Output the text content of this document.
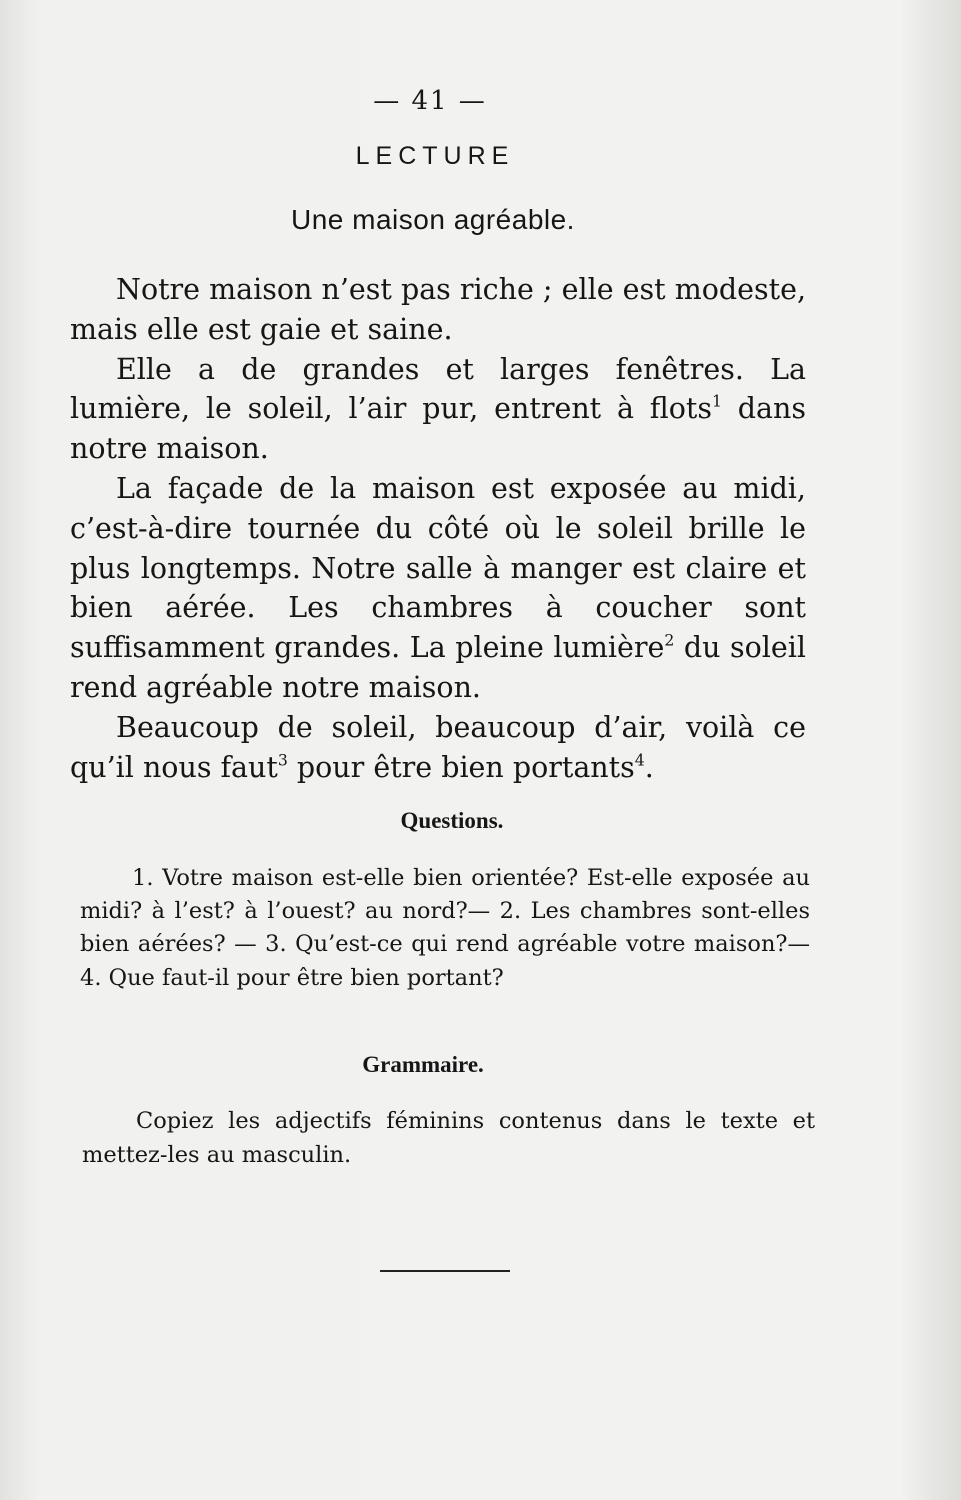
— 41 —
LECTURE
Une maison agréable.

Notre maison n’est pas riche ; elle est modeste, mais elle est gaie et saine.

Elle a de grandes et larges fenêtres. La lumière, le soleil, l’air pur, entrent à flots$^1$ dans notre maison.

La façade de la maison est exposée au midi, c’est-à-dire tournée du côté où le soleil brille le plus longtemps. Notre salle à manger est claire et bien aérée. Les chambres à coucher sont suffisamment grandes. La pleine lumière$^2$ du soleil rend agréable notre maison.

Beaucoup de soleil, beaucoup d’air, voilà ce qu’il nous faut$^3$ pour être bien portants$^4$.

Questions.

1. Votre maison est-elle bien orientée? Est-elle exposée au midi? à l’est? à l’ouest? au nord?— 2. Les chambres sont-elles bien aérées? — 3. Qu’est-ce qui rend agréable votre maison?— 4. Que faut-il pour être bien portant?

Grammaire.

Copiez les adjectifs féminins contenus dans le texte et mettez-les au masculin.
